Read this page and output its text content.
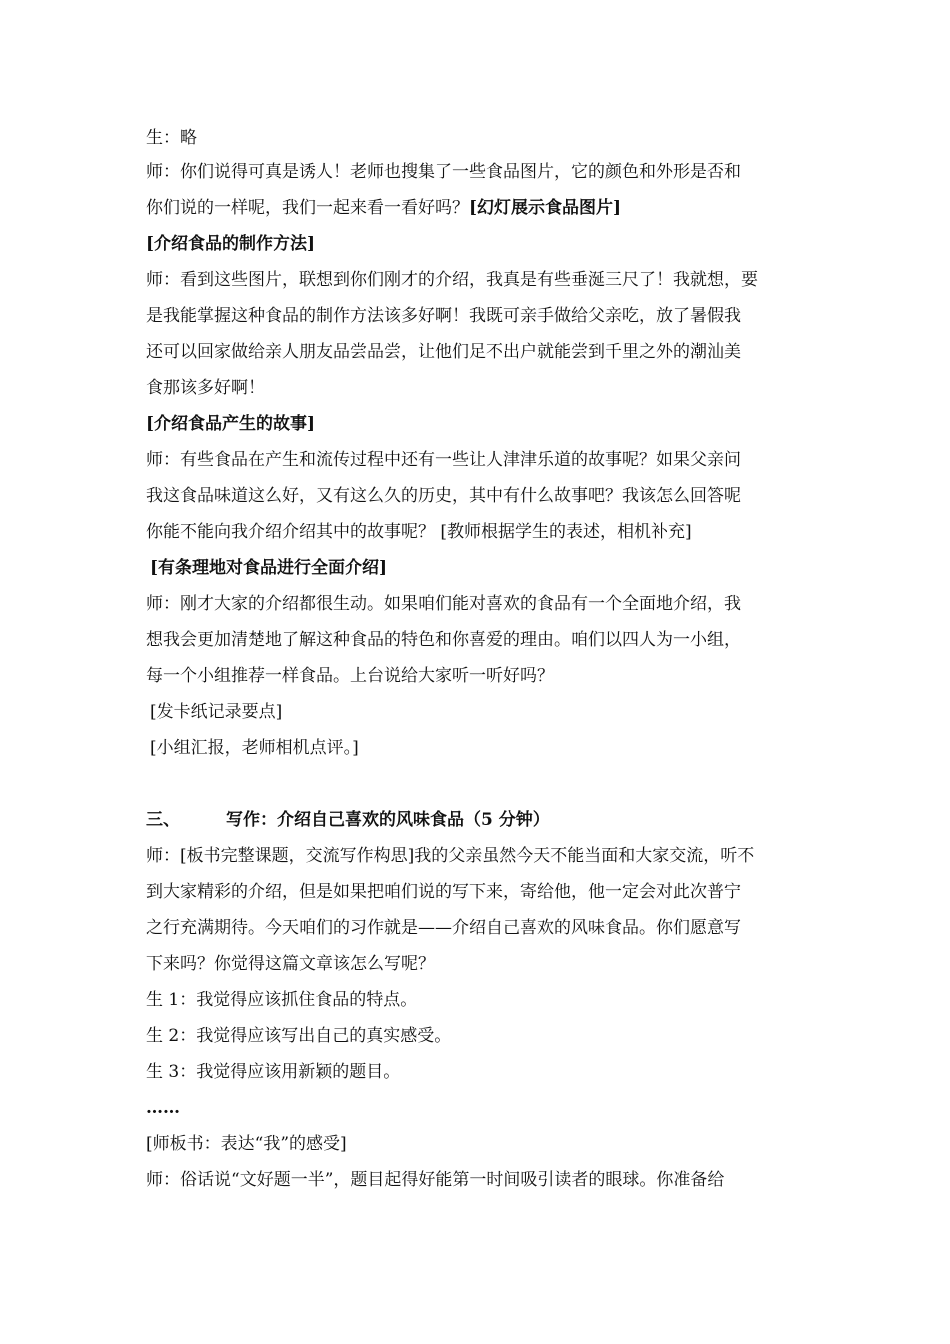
生：略
师：你们说得可真是诱人！老师也搜集了一些食品图片，它的颜色和外形是否和
你们说的一样呢，我们一起来看一看好吗？[幻灯展示食品图片]
[介绍食品的制作方法]
师：看到这些图片，联想到你们刚才的介绍，我真是有些垂涎三尺了！我就想，要
是我能掌握这种食品的制作方法该多好啊！我既可亲手做给父亲吃，放了暑假我
还可以回家做给亲人朋友品尝品尝，让他们足不出户就能尝到千里之外的潮汕美
食那该多好啊！
[介绍食品产生的故事]
师：有些食品在产生和流传过程中还有一些让人津津乐道的故事呢？如果父亲问
我这食品味道这么好，又有这么久的历史，其中有什么故事吧？我该怎么回答呢
你能不能向我介绍介绍其中的故事呢？ [教师根据学生的表述，相机补充]
[有条理地对食品进行全面介绍]
师：刚才大家的介绍都很生动。如果咱们能对喜欢的食品有一个全面地介绍，我
想我会更加清楚地了解这种食品的特色和你喜爱的理由。咱们以四人为一小组，
每一个小组推荐一样食品。上台说给大家听一听好吗？
[发卡纸记录要点]
[小组汇报，老师相机点评。]
三、	写作：介绍自己喜欢的风味食品（5 分钟）
师：[板书完整课题，交流写作构思]我的父亲虽然今天不能当面和大家交流，听不
到大家精彩的介绍，但是如果把咱们说的写下来，寄给他，他一定会对此次普宁
之行充满期待。今天咱们的习作就是——介绍自己喜欢的风味食品。你们愿意写
下来吗？你觉得这篇文章该怎么写呢？
生 1：我觉得应该抓住食品的特点。
生 2：我觉得应该写出自己的真实感受。
生 3：我觉得应该用新颖的题目。
……
[师板书：表达“我”的感受]
师：俗话说“文好题一半”，题目起得好能第一时间吸引读者的眼球。你准备给
